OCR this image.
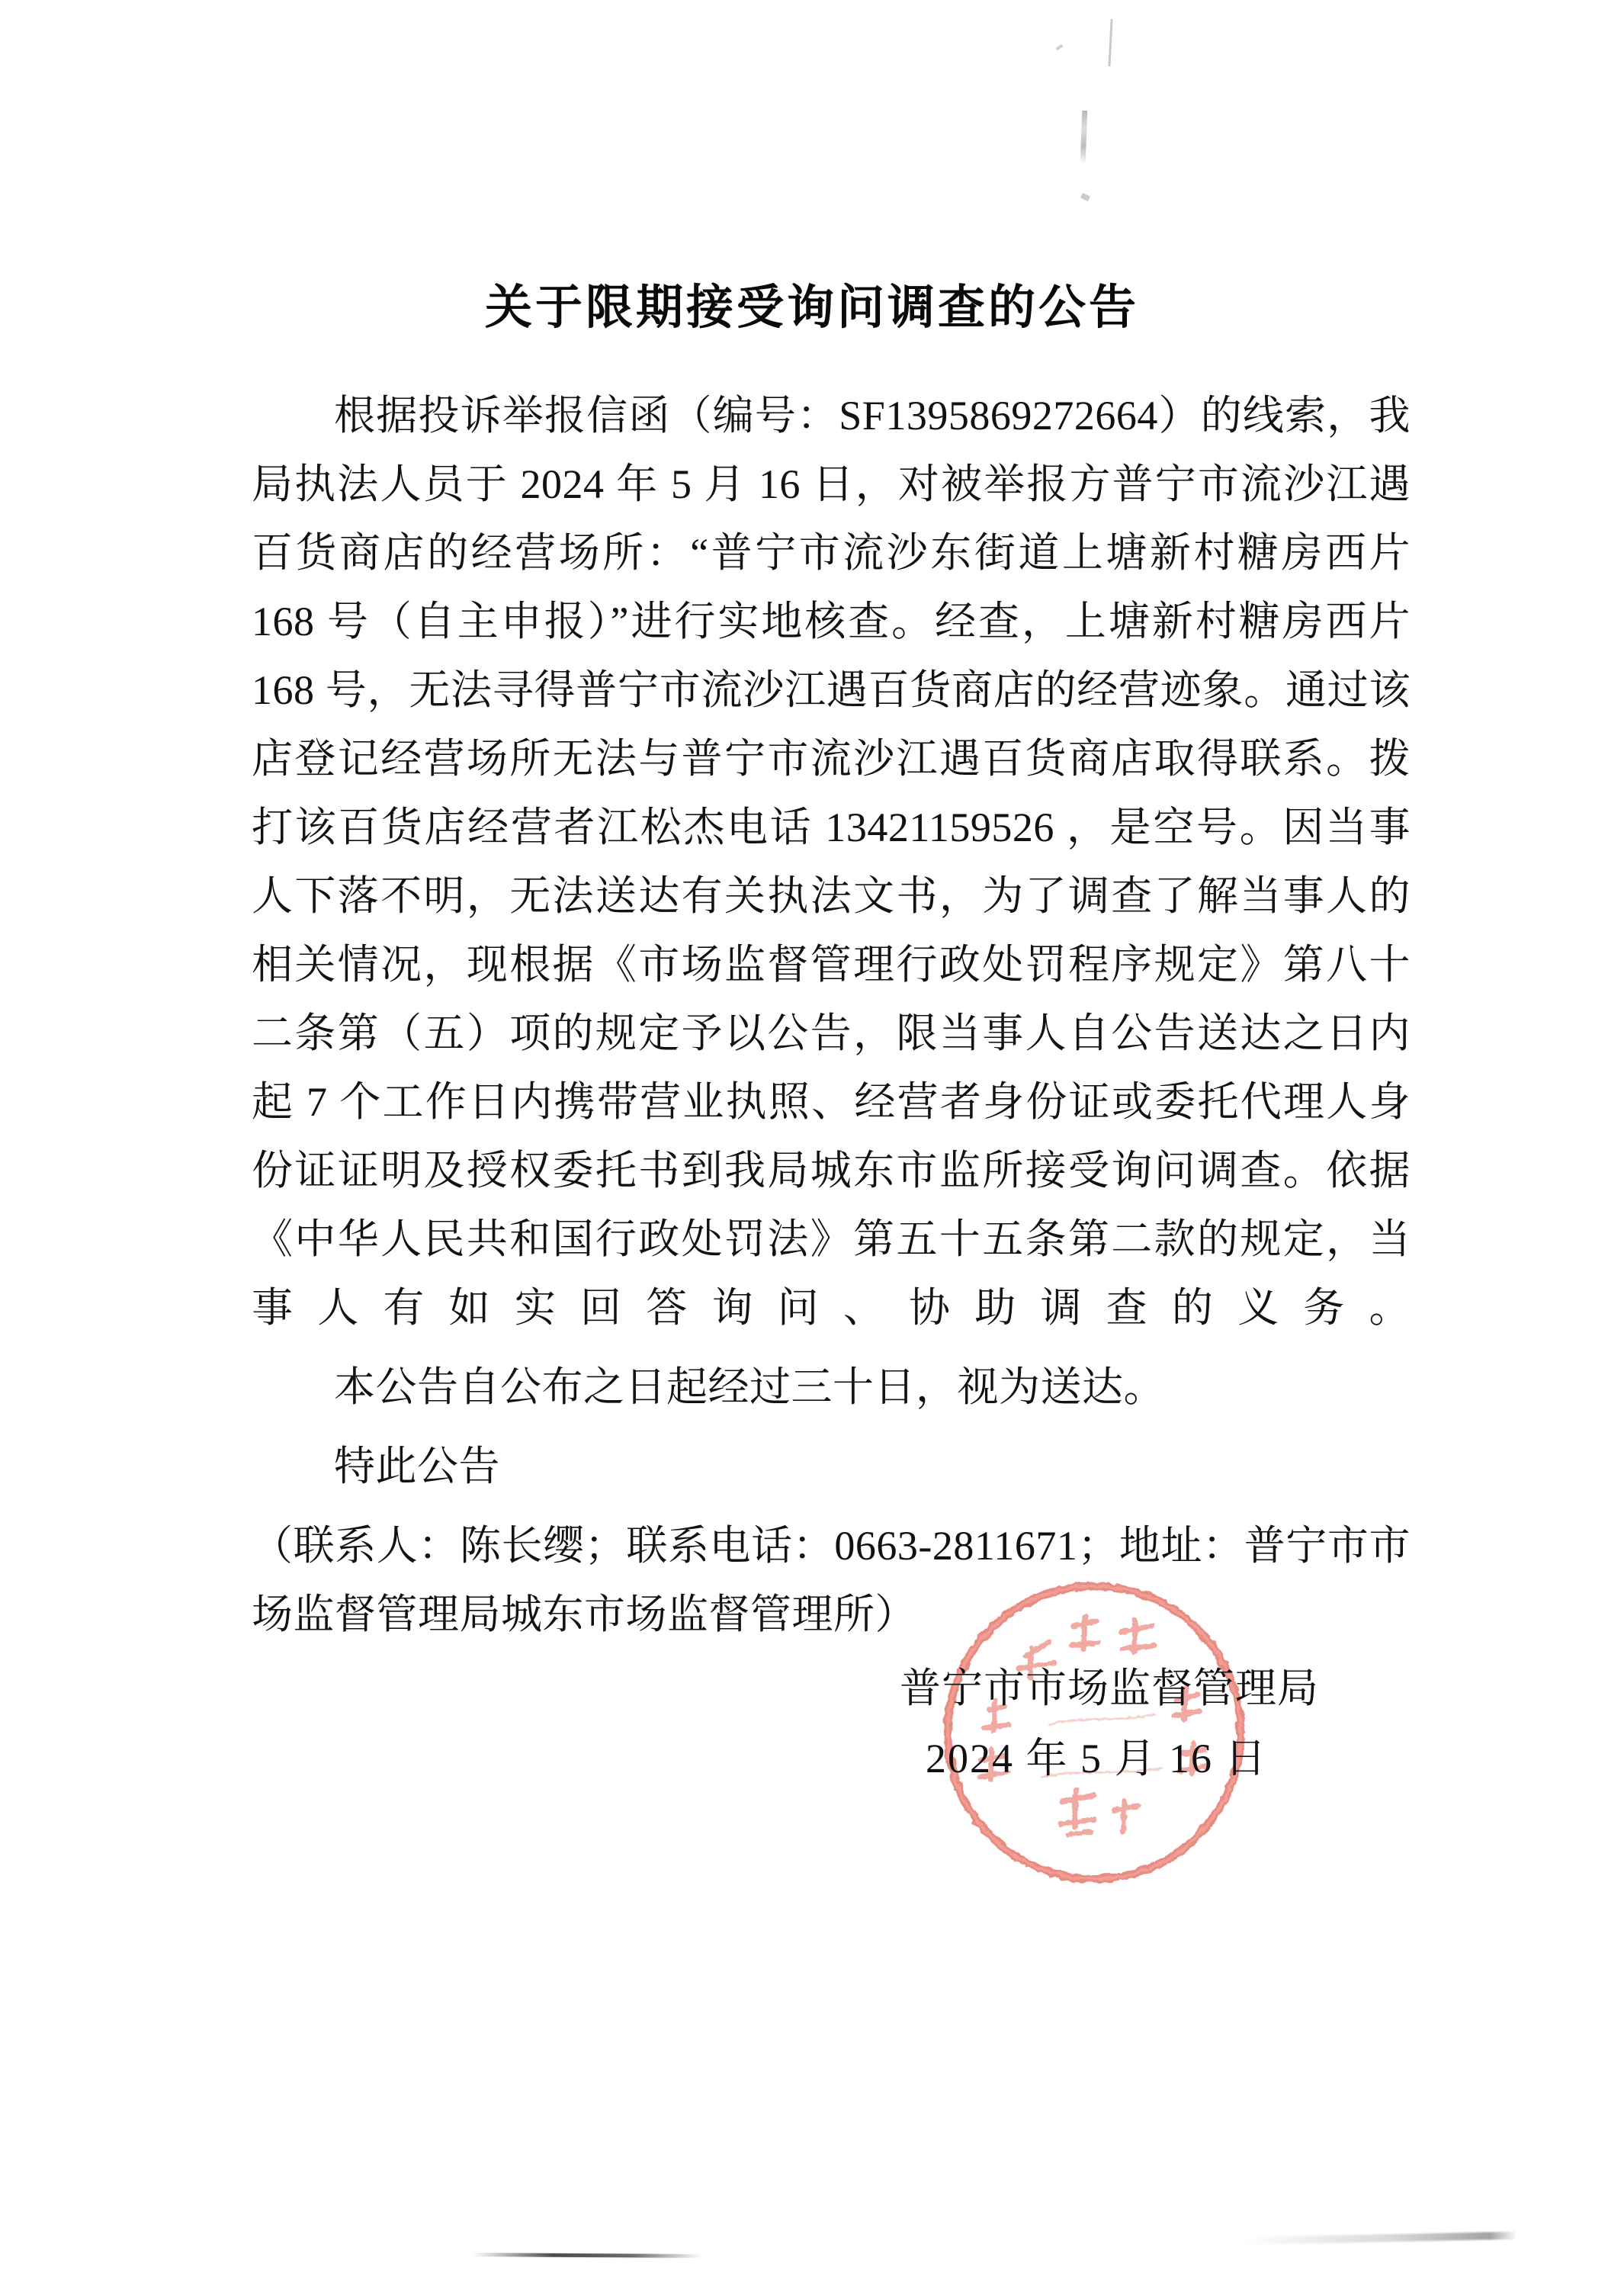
关于限期接受询问调查的公告

根据投诉举报信函（编号：SF1395869272664）的线索，我局执法人员于 2024 年 5 月 16 日，对被举报方普宁市流沙江遇百货商店的经营场所：“普宁市流沙东街道上塘新村糖房西片 168 号（自主申报）”进行实地核查。经查，上塘新村糖房西片 168 号，无法寻得普宁市流沙江遇百货商店的经营迹象。通过该店登记经营场所无法与普宁市流沙江遇百货商店取得联系。拨打该百货店经营者江松杰电话 13421159526 ，是空号。因当事人下落不明，无法送达有关执法文书，为了调查了解当事人的相关情况，现根据《市场监督管理行政处罚程序规定》第八十二条第（五）项的规定予以公告，限当事人自公告送达之日内起 7 个工作日内携带营业执照、经营者身份证或委托代理人身份证证明及授权委托书到我局城东市监所接受询问调查。依据《中华人民共和国行政处罚法》第五十五条第二款的规定，当事人有如实回答询问、协助调查的义务。

本公告自公布之日起经过三十日，视为送达。

特此公告

（联系人：陈长缨；联系电话：0663-2811671；地址：普宁市市场监督管理局城东市场监督管理所）

普宁市市场监督管理局
2024 年 5 月 16 日
